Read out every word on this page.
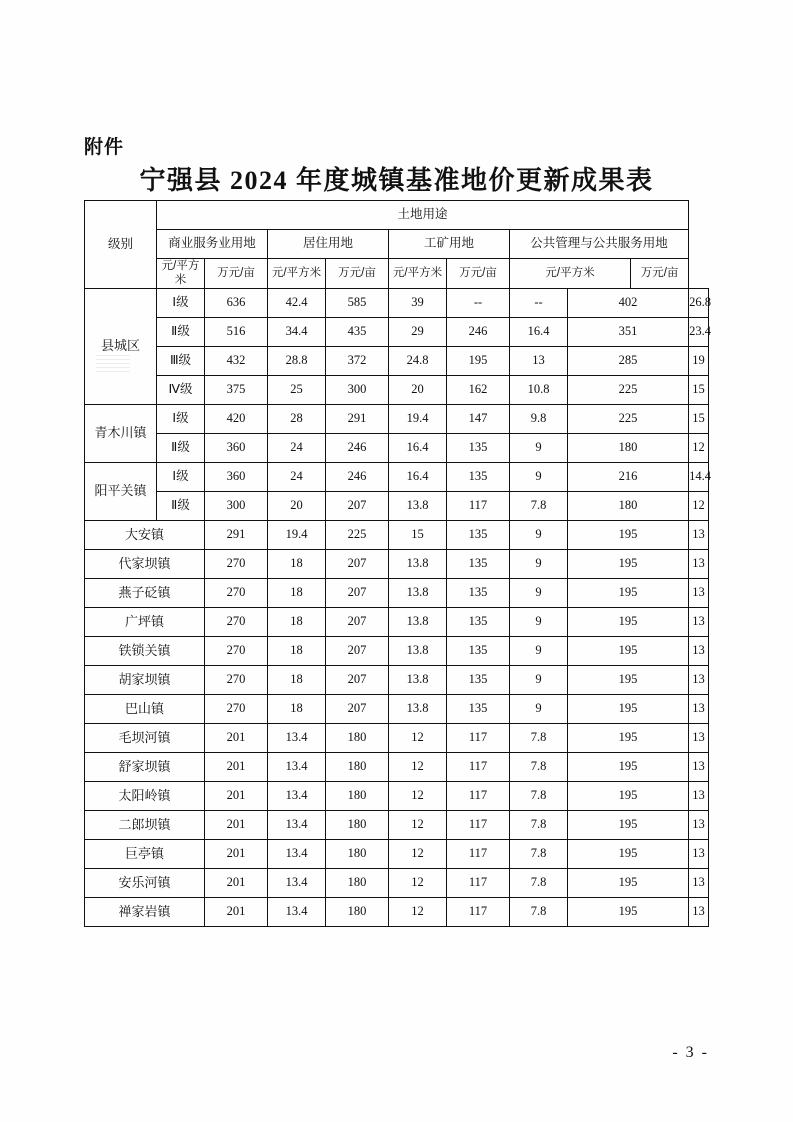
附件
宁强县 2024 年度城镇基准地价更新成果表
级别	土地用途									
	商业服务业用地		居住用地		工矿用地		公共管理与公共服务用地			
	元/平方米	万元/亩	元/平方米	万元/亩	元/平方米	万元/亩	元/平方米		万元/亩	
县城区	Ⅰ级	636	42.4	585	39	--	--	402		26.8
	Ⅱ级	516	34.4	435	29	246	16.4	351		23.4
	Ⅲ级	432	28.8	372	24.8	195	13	285		19
	Ⅳ级	375	25	300	20	162	10.8	225		15
青木川镇	Ⅰ级	420	28	291	19.4	147	9.8	225		15
	Ⅱ级	360	24	246	16.4	135	9	180		12
阳平关镇	Ⅰ级	360	24	246	16.4	135	9	216		14.4
	Ⅱ级	300	20	207	13.8	117	7.8	180		12
大安镇		291	19.4	225	15	135	9	195		13
代家坝镇		270	18	207	13.8	135	9	195		13
燕子砭镇		270	18	207	13.8	135	9	195		13
广坪镇		270	18	207	13.8	135	9	195		13
铁锁关镇		270	18	207	13.8	135	9	195		13
胡家坝镇		270	18	207	13.8	135	9	195		13
巴山镇		270	18	207	13.8	135	9	195		13
毛坝河镇		201	13.4	180	12	117	7.8	195		13
舒家坝镇		201	13.4	180	12	117	7.8	195		13
太阳岭镇		201	13.4	180	12	117	7.8	195		13
二郎坝镇		201	13.4	180	12	117	7.8	195		13
巨亭镇		201	13.4	180	12	117	7.8	195		13
安乐河镇		201	13.4	180	12	117	7.8	195		13
禅家岩镇		201	13.4	180	12	117	7.8	195		13
- 3 -
